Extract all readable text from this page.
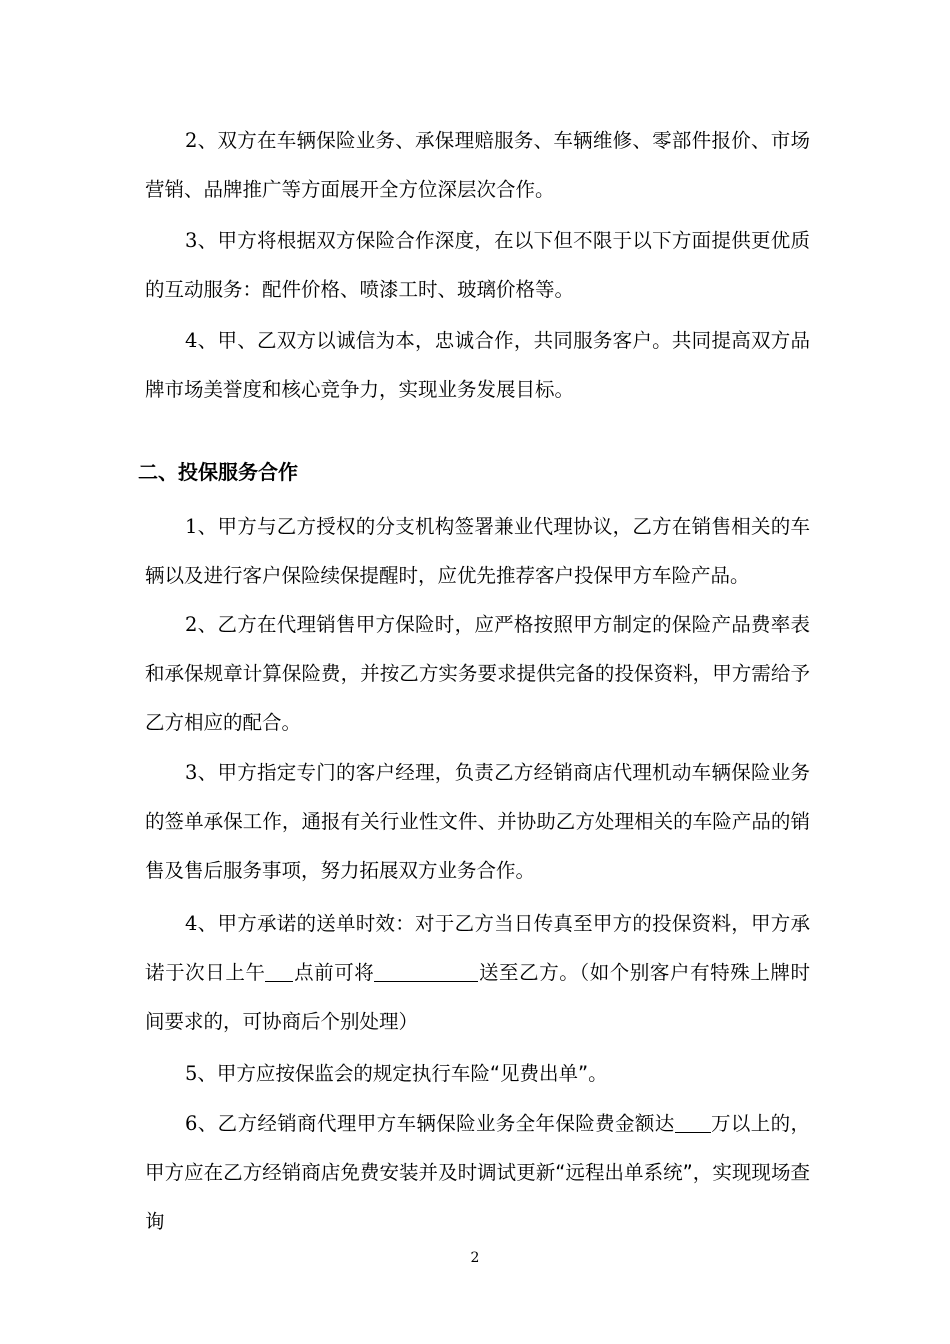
2、双方在车辆保险业务、承保理赔服务、车辆维修、零部件报价、市场营销、品牌推广等方面展开全方位深层次合作。

3、甲方将根据双方保险合作深度，在以下但不限于以下方面提供更优质的互动服务：配件价格、喷漆工时、玻璃价格等。

4、甲、乙双方以诚信为本，忠诚合作，共同服务客户。共同提高双方品牌市场美誉度和核心竞争力，实现业务发展目标。

二、投保服务合作

1、甲方与乙方授权的分支机构签署兼业代理协议，乙方在销售相关的车辆以及进行客户保险续保提醒时，应优先推荐客户投保甲方车险产品。

2、乙方在代理销售甲方保险时，应严格按照甲方制定的保险产品费率表和承保规章计算保险费，并按乙方实务要求提供完备的投保资料，甲方需给予乙方相应的配合。

3、甲方指定专门的客户经理，负责乙方经销商店代理机动车辆保险业务的签单承保工作，通报有关行业性文件、并协助乙方处理相关的车险产品的销售及售后服务事项，努力拓展双方业务合作。

4、甲方承诺的送单时效：对于乙方当日传真至甲方的投保资料，甲方承诺于次日上午 点前可将	送至乙方。（如个别客户有特殊上牌时间要求的，可协商后个别处理）

5、甲方应按保监会的规定执行车险“见费出单”。

6、乙方经销商代理甲方车辆保险业务全年保险费金额达 万以上的，甲方应在乙方经销商店免费安装并及时调试更新“远程出单系统”，实现现场查询

2
